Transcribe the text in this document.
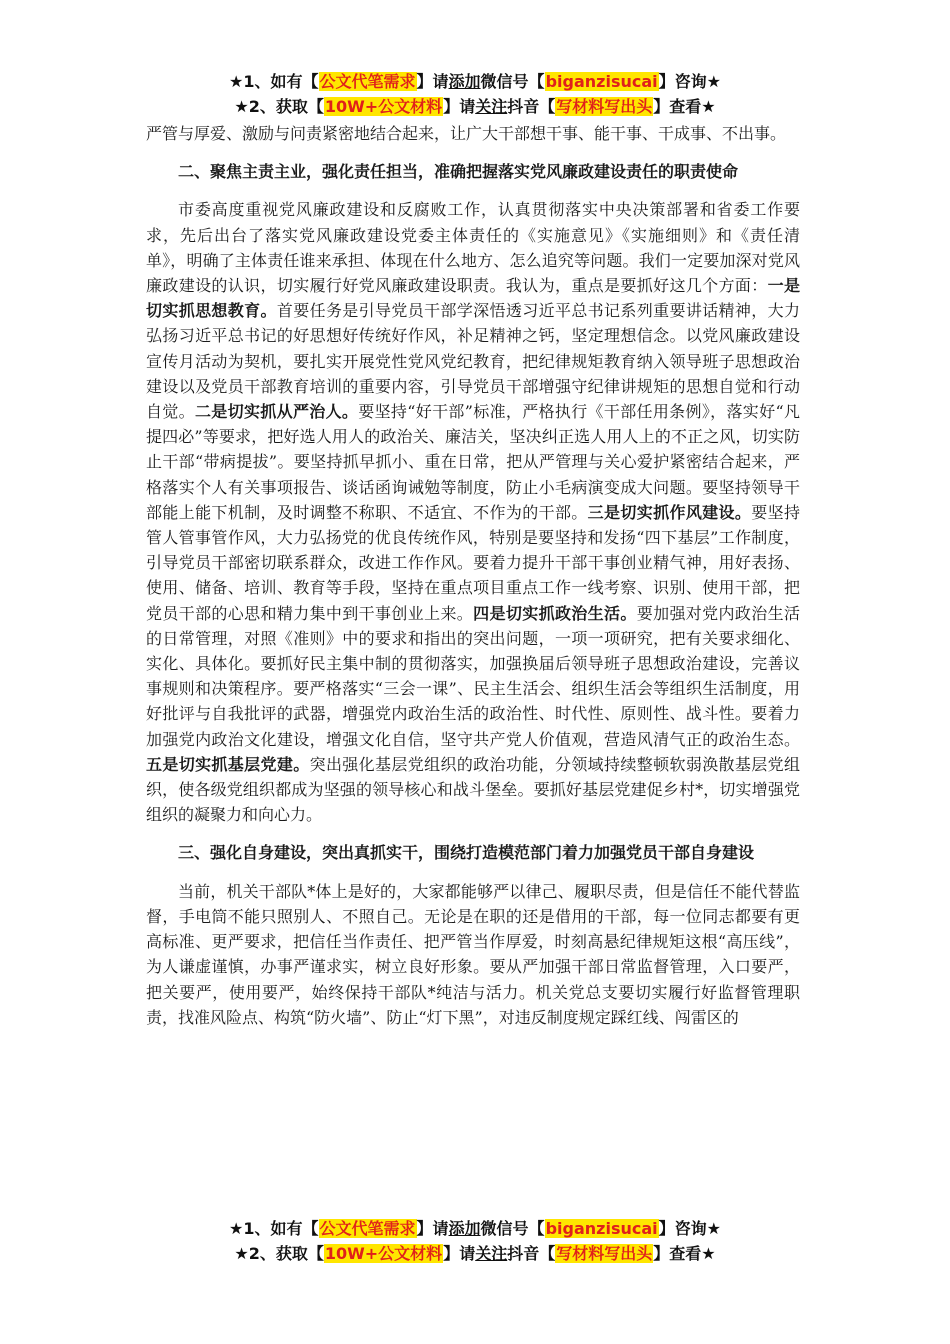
★1、如有【公文代笔需求】请添加微信号【biganzisucai】咨询★
★2、获取【10W+公文材料】请关注抖音【写材料写出头】查看★

严管与厚爱、激励与问责紧密地结合起来，让广大干部想干事、能干事、干成事、不出事。

二、聚焦主责主业，强化责任担当，准确把握落实党风廉政建设责任的职责使命

市委高度重视党风廉政建设和反腐败工作，认真贯彻落实中央决策部署和省委工作要求，先后出台了落实党风廉政建设党委主体责任的《实施意见》《实施细则》和《责任清单》，明确了主体责任谁来承担、体现在什么地方、怎么追究等问题。我们一定要加深对党风廉政建设的认识，切实履行好党风廉政建设职责。我认为，重点是要抓好这几个方面：一是切实抓思想教育。首要任务是引导党员干部学深悟透习近平总书记系列重要讲话精神，大力弘扬习近平总书记的好思想好传统好作风，补足精神之钙，坚定理想信念。以党风廉政建设宣传月活动为契机，要扎实开展党性党风党纪教育，把纪律规矩教育纳入领导班子思想政治建设以及党员干部教育培训的重要内容，引导党员干部增强守纪律讲规矩的思想自觉和行动自觉。二是切实抓从严治人。要坚持“好干部”标准，严格执行《干部任用条例》，落实好“凡提四必”等要求，把好选人用人的政治关、廉洁关，坚决纠正选人用人上的不正之风，切实防止干部“带病提拔”。要坚持抓早抓小、重在日常，把从严管理与关心爱护紧密结合起来，严格落实个人有关事项报告、谈话函询诫勉等制度，防止小毛病演变成大问题。要坚持领导干部能上能下机制，及时调整不称职、不适宜、不作为的干部。三是切实抓作风建设。要坚持管人管事管作风，大力弘扬党的优良传统作风，特别是要坚持和发扬“四下基层”工作制度，引导党员干部密切联系群众，改进工作作风。要着力提升干部干事创业精气神，用好表扬、使用、储备、培训、教育等手段，坚持在重点项目重点工作一线考察、识别、使用干部，把党员干部的心思和精力集中到干事创业上来。四是切实抓政治生活。要加强对党内政治生活的日常管理，对照《准则》中的要求和指出的突出问题，一项一项研究，把有关要求细化、实化、具体化。要抓好民主集中制的贯彻落实，加强换届后领导班子思想政治建设，完善议事规则和决策程序。要严格落实“三会一课”、民主生活会、组织生活会等组织生活制度，用好批评与自我批评的武器，增强党内政治生活的政治性、时代性、原则性、战斗性。要着力加强党内政治文化建设，增强文化自信，坚守共产党人价值观，营造风清气正的政治生态。五是切实抓基层党建。突出强化基层党组织的政治功能，分领域持续整顿软弱涣散基层党组织，使各级党组织都成为坚强的领导核心和战斗堡垒。要抓好基层党建促乡村*，切实增强党组织的凝聚力和向心力。

三、强化自身建设，突出真抓实干，围绕打造模范部门着力加强党员干部自身建设

当前，机关干部队*体上是好的，大家都能够严以律己、履职尽责，但是信任不能代替监督，手电筒不能只照别人、不照自己。无论是在职的还是借用的干部，每一位同志都要有更高标准、更严要求，把信任当作责任、把严管当作厚爱，时刻高悬纪律规矩这根“高压线”，为人谦虚谨慎，办事严谨求实，树立良好形象。要从严加强干部日常监督管理，入口要严，把关要严，使用要严，始终保持干部队*纯洁与活力。机关党总支要切实履行好监督管理职责，找准风险点、构筑“防火墙”、防止“灯下黑”，对违反制度规定踩红线、闯雷区的

★1、如有【公文代笔需求】请添加微信号【biganzisucai】咨询★
★2、获取【10W+公文材料】请关注抖音【写材料写出头】查看★
